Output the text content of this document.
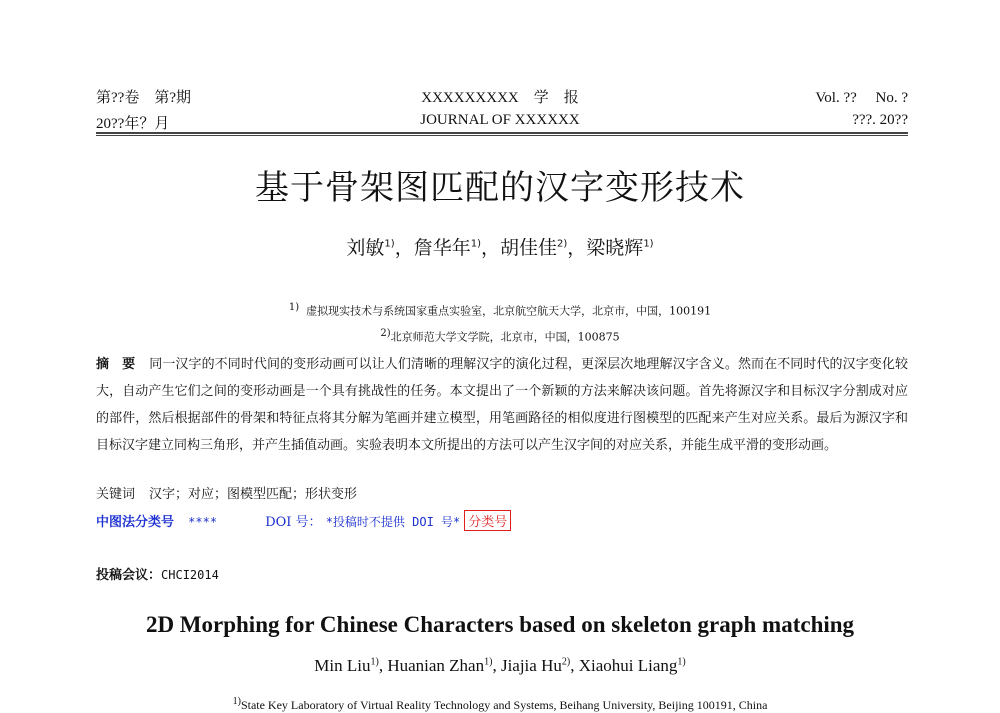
第??卷　第?期
20??年？月
XXXXXXXXX　学　报
JOURNAL OF XXXXXX
Vol. ??　 No. ?
???. 20??
基于骨架图匹配的汉字变形技术
刘敏$^{1)}$，詹华年$^{1)}$，胡佳佳$^{2)}$，梁晓辉$^{1)}$
$^{1)}$ 虚拟现实技术与系统国家重点实验室，北京航空航天大学，北京市，中国，100191
$^{2)}$北京师范大学文学院，北京市，中国，100875
摘　要 同一汉字的不同时代间的变形动画可以让人们清晰的理解汉字的演化过程，更深层次地理解汉字含义。然而在不同时代的汉字变化较大，自动产生它们之间的变形动画是一个具有挑战性的任务。本文提出了一个新颖的方法来解决该问题。首先将源汉字和目标汉字分割成对应的部件，然后根据部件的骨架和特征点将其分解为笔画并建立模型，用笔画路径的相似度进行图模型的匹配来产生对应关系。最后为源汉字和目标汉字建立同构三角形，并产生插值动画。实验表明本文所提出的方法可以产生汉字间的对应关系，并能生成平滑的变形动画。
关键词 汉字；对应；图模型匹配；形状变形
中图法分类号 ****	DOI 号： *投稿时不提供 DOI 号* 分类号
投稿会议：CHCI2014
2D Morphing for Chinese Characters based on skeleton graph matching
Min Liu$^{1)}$, Huanian Zhan$^{1)}$, Jiajia Hu$^{2)}$, Xiaohui Liang$^{1)}$
$^{1)}$State Key Laboratory of Virtual Reality Technology and Systems, Beihang University, Beijing 100191, China
